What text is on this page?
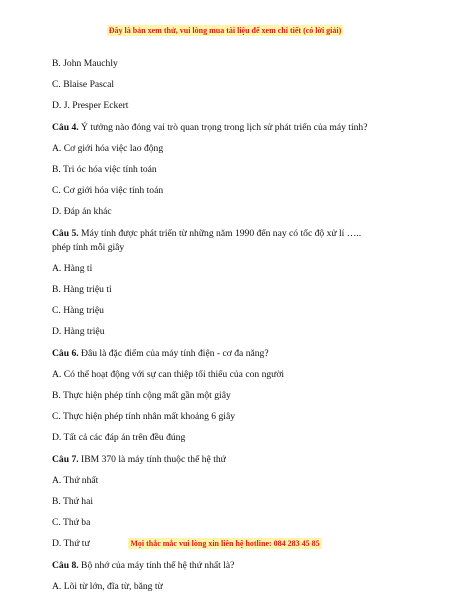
Đây là bản xem thử, vui lòng mua tài liệu để xem chi tiết (có lời giải)
B. John Mauchly
C. Blaise Pascal
D. J. Presper Eckert
Câu 4. Ý tưởng nào đóng vai trò quan trọng trong lịch sử phát triển của máy tính?
A. Cơ giới hóa việc lao động
B. Tri óc hóa việc tính toán
C. Cơ giới hóa việc tính toán
D. Đáp án khác
Câu 5. Máy tính được phát triển từ những năm 1990 đến nay có tốc độ xử lí …..
phép tính mỗi giây
A. Hàng tỉ
B. Hàng triệu tỉ
C. Hàng triệu
D. Hàng triệu
Câu 6. Đâu là đặc điểm của máy tính điện - cơ đa năng?
A. Có thể hoạt động với sự can thiệp tối thiểu của con người
B. Thực hiện phép tính cộng mất gần một giây
C. Thực hiện phép tính nhân mất khoảng 6 giây
D. Tất cả các đáp án trên đều đúng
Câu 7. IBM 370 là máy tính thuộc thế hệ thứ
A. Thứ nhất
B. Thứ hai
C. Thứ ba
D. Thứ tư
Câu 8. Bộ nhớ của máy tính thế hệ thứ nhất là?
A. Lõi từ lớn, đĩa từ, băng từ
Mọi thắc mắc vui lòng xin liên hệ hotline: 084 283 45 85
